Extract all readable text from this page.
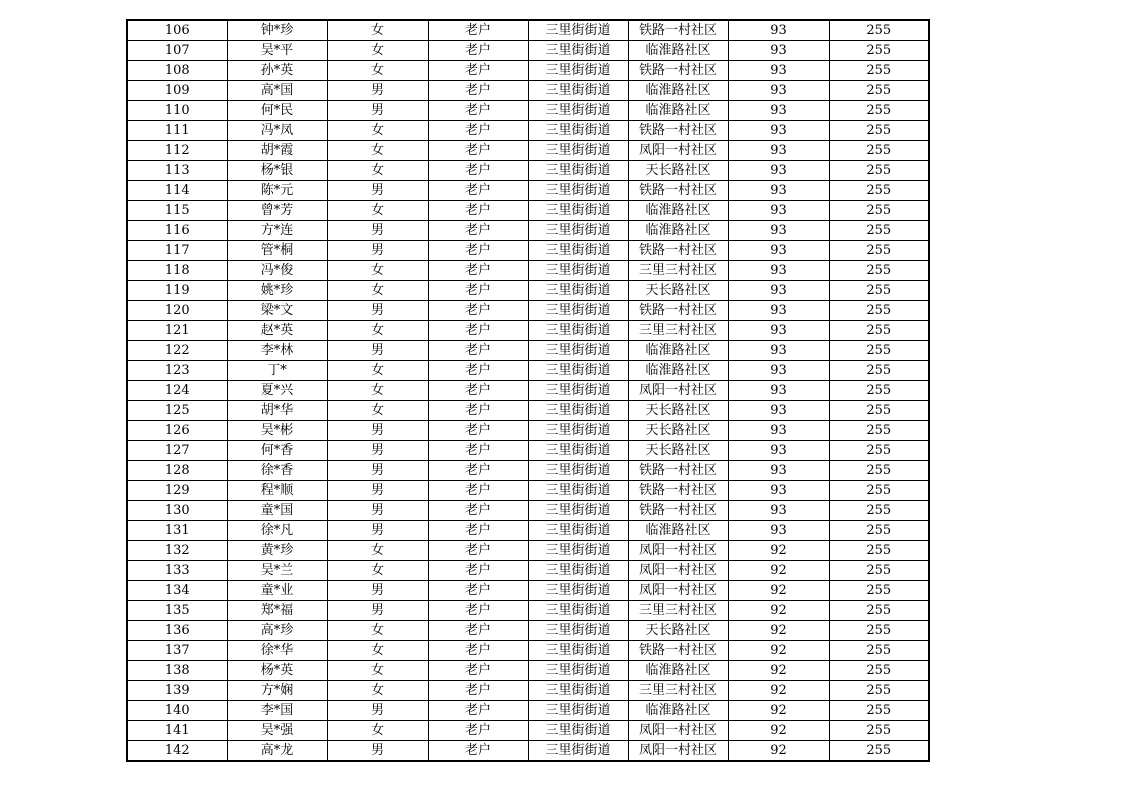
106	钟*珍	女	老户	三里街街道	铁路一村社区	93	255
107	吴*平	女	老户	三里街街道	临淮路社区	93	255
108	孙*英	女	老户	三里街街道	铁路一村社区	93	255
109	高*国	男	老户	三里街街道	临淮路社区	93	255
110	何*民	男	老户	三里街街道	临淮路社区	93	255
111	冯*凤	女	老户	三里街街道	铁路一村社区	93	255
112	胡*霞	女	老户	三里街街道	凤阳一村社区	93	255
113	杨*银	女	老户	三里街街道	天长路社区	93	255
114	陈*元	男	老户	三里街街道	铁路一村社区	93	255
115	曾*芳	女	老户	三里街街道	临淮路社区	93	255
116	方*连	男	老户	三里街街道	临淮路社区	93	255
117	管*桐	男	老户	三里街街道	铁路一村社区	93	255
118	冯*俊	女	老户	三里街街道	三里三村社区	93	255
119	姚*珍	女	老户	三里街街道	天长路社区	93	255
120	梁*文	男	老户	三里街街道	铁路一村社区	93	255
121	赵*英	女	老户	三里街街道	三里三村社区	93	255
122	李*林	男	老户	三里街街道	临淮路社区	93	255
123	丁*	女	老户	三里街街道	临淮路社区	93	255
124	夏*兴	女	老户	三里街街道	凤阳一村社区	93	255
125	胡*华	女	老户	三里街街道	天长路社区	93	255
126	吴*彬	男	老户	三里街街道	天长路社区	93	255
127	何*香	男	老户	三里街街道	天长路社区	93	255
128	徐*香	男	老户	三里街街道	铁路一村社区	93	255
129	程*顺	男	老户	三里街街道	铁路一村社区	93	255
130	童*国	男	老户	三里街街道	铁路一村社区	93	255
131	徐*凡	男	老户	三里街街道	临淮路社区	93	255
132	黄*珍	女	老户	三里街街道	凤阳一村社区	92	255
133	吴*兰	女	老户	三里街街道	凤阳一村社区	92	255
134	童*业	男	老户	三里街街道	凤阳一村社区	92	255
135	郑*福	男	老户	三里街街道	三里三村社区	92	255
136	高*珍	女	老户	三里街街道	天长路社区	92	255
137	徐*华	女	老户	三里街街道	铁路一村社区	92	255
138	杨*英	女	老户	三里街街道	临淮路社区	92	255
139	方*娴	女	老户	三里街街道	三里三村社区	92	255
140	李*国	男	老户	三里街街道	临淮路社区	92	255
141	吴*强	女	老户	三里街街道	凤阳一村社区	92	255
142	高*龙	男	老户	三里街街道	凤阳一村社区	92	255
